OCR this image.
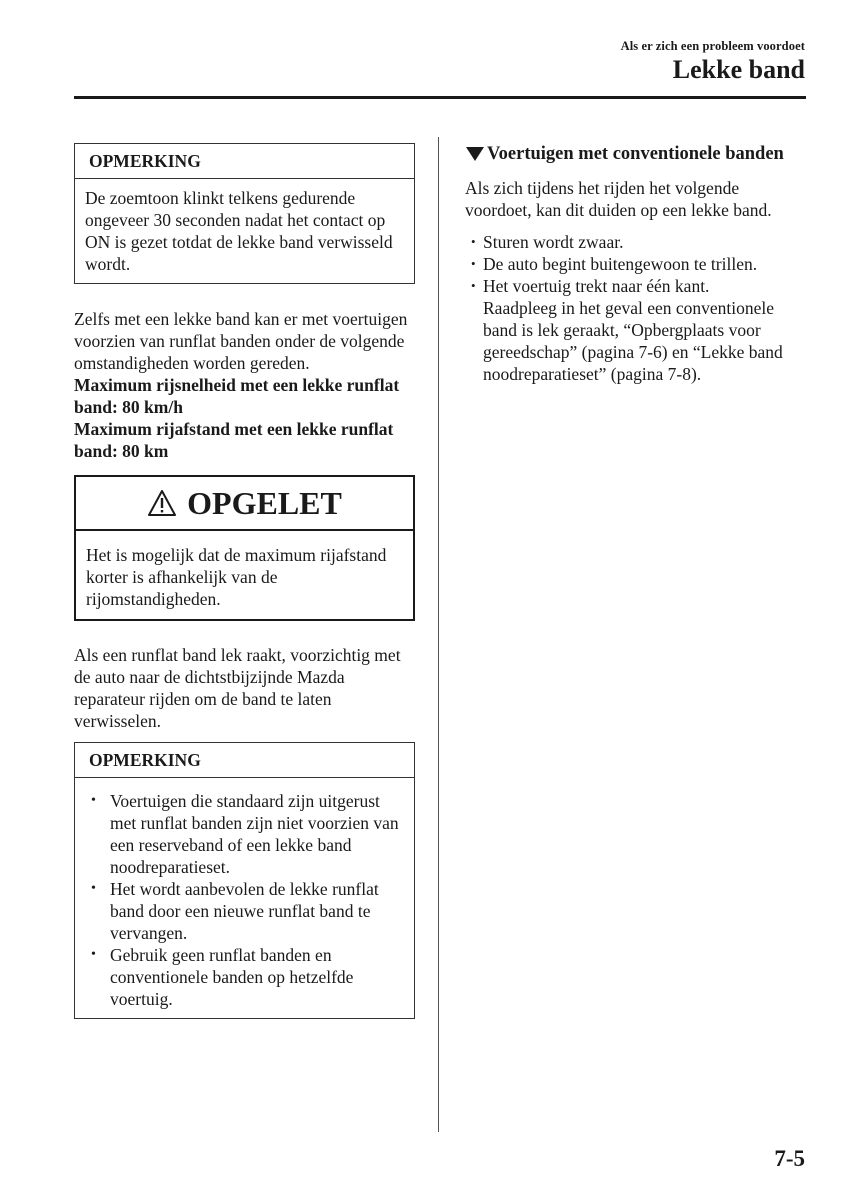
Als er zich een probleem voordoet
Lekke band
OPMERKING
De zoemtoon klinkt telkens gedurende ongeveer 30 seconden nadat het contact op ON is gezet totdat de lekke band verwisseld wordt.

Zelfs met een lekke band kan er met voertuigen voorzien van runflat banden onder de volgende omstandigheden worden gereden.

Maximum rijsnelheid met een lekke runflat band: 80 km/h

Maximum rijafstand met een lekke runflat band: 80 km

OPGELET
Het is mogelijk dat de maximum rijafstand korter is afhankelijk van de rijomstandigheden.

Als een runflat band lek raakt, voorzichtig met de auto naar de dichtstbijzijnde Mazda reparateur rijden om de band te laten verwisselen.

OPMERKING
• Voertuigen die standaard zijn uitgerust met runflat banden zijn niet voorzien van een reserveband of een lekke band noodreparatieset.
• Het wordt aanbevolen de lekke runflat band door een nieuwe runflat band te vervangen.
• Gebruik geen runflat banden en conventionele banden op hetzelfde voertuig.
Voertuigen met conventionele banden

Als zich tijdens het rijden het volgende voordoet, kan dit duiden op een lekke band.

• Sturen wordt zwaar.
• De auto begint buitengewoon te trillen.
• Het voertuig trekt naar één kant.

Raadpleeg in het geval een conventionele band is lek geraakt, “Opbergplaats voor gereedschap” (pagina 7-6) en “Lekke band noodreparatieset” (pagina 7-8).

7-5
